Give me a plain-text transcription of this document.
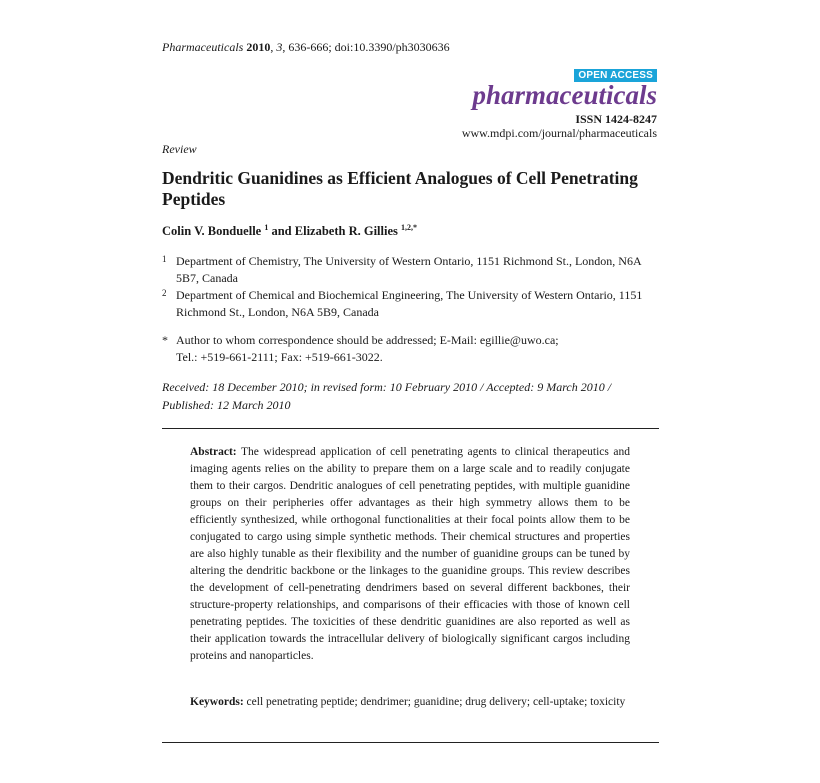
Pharmaceuticals 2010, 3, 636-666; doi:10.3390/ph3030636
OPEN ACCESS
pharmaceuticals
ISSN 1424-8247
www.mdpi.com/journal/pharmaceuticals
Review
Dendritic Guanidines as Efficient Analogues of Cell Penetrating Peptides
Colin V. Bonduelle $^1$ and Elizabeth R. Gillies $^{1,2,*}$
1 Department of Chemistry, The University of Western Ontario, 1151 Richmond St., London, N6A 5B7, Canada
2 Department of Chemical and Biochemical Engineering, The University of Western Ontario, 1151 Richmond St., London, N6A 5B9, Canada
* Author to whom correspondence should be addressed; E-Mail: egillie@uwo.ca;
Tel.: +519-661-2111; Fax: +519-661-3022.
Received: 18 December 2010; in revised form: 10 February 2010 / Accepted: 9 March 2010 / Published: 12 March 2010
Abstract: The widespread application of cell penetrating agents to clinical therapeutics and imaging agents relies on the ability to prepare them on a large scale and to readily conjugate them to their cargos. Dendritic analogues of cell penetrating peptides, with multiple guanidine groups on their peripheries offer advantages as their high symmetry allows them to be efficiently synthesized, while orthogonal functionalities at their focal points allow them to be conjugated to cargo using simple synthetic methods. Their chemical structures and properties are also highly tunable as their flexibility and the number of guanidine groups can be tuned by altering the dendritic backbone or the linkages to the guanidine groups. This review describes the development of cell-penetrating dendrimers based on several different backbones, their structure-property relationships, and comparisons of their efficacies with those of known cell penetrating peptides. The toxicities of these dendritic guanidines are also reported as well as their application towards the intracellular delivery of biologically significant cargos including proteins and nanoparticles.
Keywords: cell penetrating peptide; dendrimer; guanidine; drug delivery; cell-uptake; toxicity
